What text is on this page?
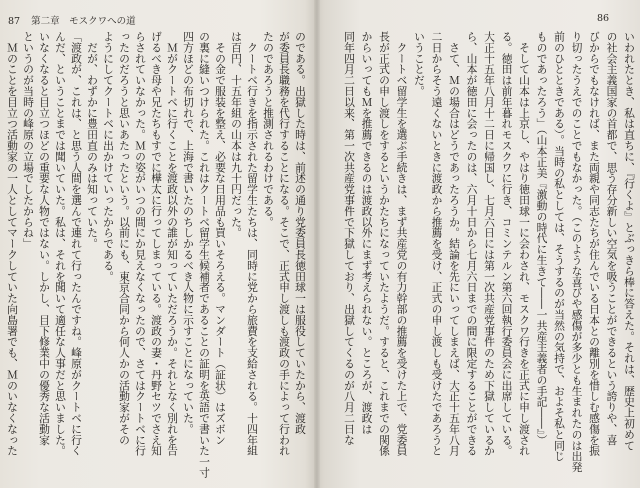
87 第二章　モスクワへの道	86
いわれたとき、私は直ちに、『行くよ』とぶっきら棒に答えた。それは、歴史上初めて
の社会主義国家の首都で、思う存分新しい空気を吸うことができるという誇りや、喜
びからでもなければ、また両親や同志たちが住んでいる日本との離別を惜しむ感傷を振
り切ったうえでのことでもなかった。（このような喜びや感傷が多少とも生まれたのは出発
前のひとときである）。当時の私としては、そうするのが当然の気持で、およそ私と同じ
ものであったろう」（山本正美『激動の時代に生きて――一共産主義者の手記――』）
　そして山本は上京し、やはり徳田球一に会わされ、モスクワ行きを正式に申し渡され
る。徳田は前年暮れモスクワに行き、コミンテルン第六回執行委員会に出席している。
大正十五年八月十二日に帰国し、七月六日には第一次共産党事件のため下獄しているか
ら、山本が徳田に会ったのは、六月十日から七月六日までの間に限定することができる
　さて、Ｍの場合はどうであったろうか。結論を先にいってしまえば、大正十五年八月
二日からそう遠くないときに渡政から推薦を受け、正式の申し渡しも受けたであろうと
いうことだ。
　クートベ留学生を選ぶ手続きは、まず共産党の有力幹部の推薦を受けた上で、党委員
長が正式の申し渡しをするというかたちになっていたようだ。すると、これまでの関係
からいってもＭを推薦できるのは渡政以外にまず考えられない。ところが、渡政は
同年四月二日以来、第一次共産党事件で下獄しており、出獄してくるのが八月二日な
のである。出獄した時は、前述の通り党委員長徳田球一は服役していたから、渡政
が委員長職務を代行することになる。そこで、正式申し渡しも渡政の手によって行われ
たのであろうと推測されるわけである。
　クートベ行きを指示された留学生たちは、同時に党から旅費を支給される。十四年組
は百円、十五年組の山本は九十円だった。
　その金で服装を整え、必要な日用品も買いそろえる。マンダート（証状）はズボン
の裏に縫いつけられた。これはクートベ留学生候補者であることの証明を英語で書いた一寸
四方ほどの布切れで、上海で書いたのちしかるべき人物に示すことになっていた。
　Ｍがクートベに行くことを渡政以外の誰が知っていただろうか。それとなく別れを告
げるべき母や兄たちもすでに樺太に行ってしまっている。渡政の妻・丹野セツでさえ知
らされていなかった。Ｍの姿がいつの間にか見えなくなったので、さてはクートベに行
ったのだろうと思いあたったという。以前にも、東京合同から何人かの活動家がその
ようにしてクートベに出かけていったからである。
　だが、わずかに豊田直のみは知っていた。
「渡政が、これは、と思う人間を選んで連れて行ったんですね。峰原がクートベに行く
んだ、ということまでは聞いていた。私は、それを聞いて適任な人事だと思いました。
いなくなると目立つほどの重要な人物ではない。しかし、目下修業中の優秀な活動家
というのが当時の峰原の立場でしたからね」
　Ｍのことを目立つ活動家の一人としてマークしていた向島署でも、Ｍのいなくなった
